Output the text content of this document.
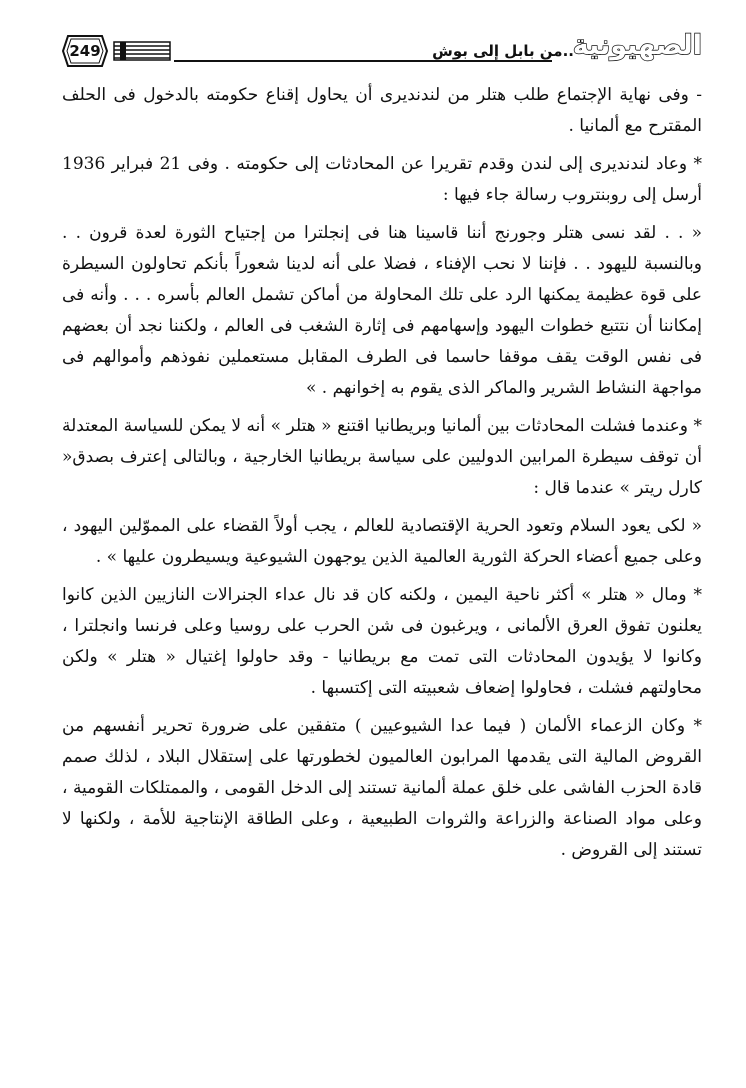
249	..من بابل إلى بوش
الصهيونية

- وفى نهاية الإجتماع طلب هتلر من لندنديرى أن يحاول إقناع حكومته بالدخول فى الحلف المقترح مع ألمانيا .

* وعاد لندنديرى إلى لندن وقدم تقريرا عن المحادثات إلى حكومته . وفى 21 فبراير 1936 أرسل إلى روبنتروب رسالة جاء فيها :

« . . لقد نسى هتلر وجورنج أننا قاسينا هنا فى إنجلترا من إجتياح الثورة لعدة قرون . . وبالنسبة لليهود . . فإننا لا نحب الإفناء ، فضلا على أنه لدينا شعوراً بأنكم تحاولون السيطرة على قوة عظيمة يمكنها الرد على تلك المحاولة من أماكن تشمل العالم بأسره . . . وأنه فى إمكاننا أن نتتبع خطوات اليهود وإسهامهم فى إثارة الشغب فى العالم ، ولكننا نجد أن بعضهم فى نفس الوقت يقف موقفا حاسما فى الطرف المقابل مستعملين نفوذهم وأموالهم فى مواجهة النشاط الشرير والماكر الذى يقوم به إخوانهم . »

* وعندما فشلت المحادثات بين ألمانيا وبريطانيا اقتنع « هتلر » أنه لا يمكن للسياسة المعتدلة أن توقف سيطرة المرابين الدوليين على سياسة بريطانيا الخارجية ، وبالتالى إعترف بصدق« كارل ريتر » عندما قال :

« لكى يعود السلام وتعود الحرية الإقتصادية للعالم ، يجب أولاً القضاء على المموّلين اليهود ، وعلى جميع أعضاء الحركة الثورية العالمية الذين يوجهون الشيوعية ويسيطرون عليها » .

* ومال « هتلر » أكثر ناحية اليمين ، ولكنه كان قد نال عداء الجنرالات النازيين الذين كانوا يعلنون تفوق العرق الألمانى ، ويرغبون فى شن الحرب على روسيا وعلى فرنسا وانجلترا ، وكانوا لا يؤيدون المحادثات التى تمت مع بريطانيا - وقد حاولوا إغتيال « هتلر » ولكن محاولتهم فشلت ، فحاولوا إضعاف شعبيته التى إكتسبها .

* وكان الزعماء الألمان ( فيما عدا الشيوعيين ) متفقين على ضرورة تحرير أنفسهم من القروض المالية التى يقدمها المرابون العالميون لخطورتها على إستقلال البلاد ، لذلك صمم قادة الحزب الفاشى على خلق عملة ألمانية تستند إلى الدخل القومى ، والممتلكات القومية ، وعلى مواد الصناعة والزراعة والثروات الطبيعية ، وعلى الطاقة الإنتاجية للأمة ، ولكنها لا تستند إلى القروض .
